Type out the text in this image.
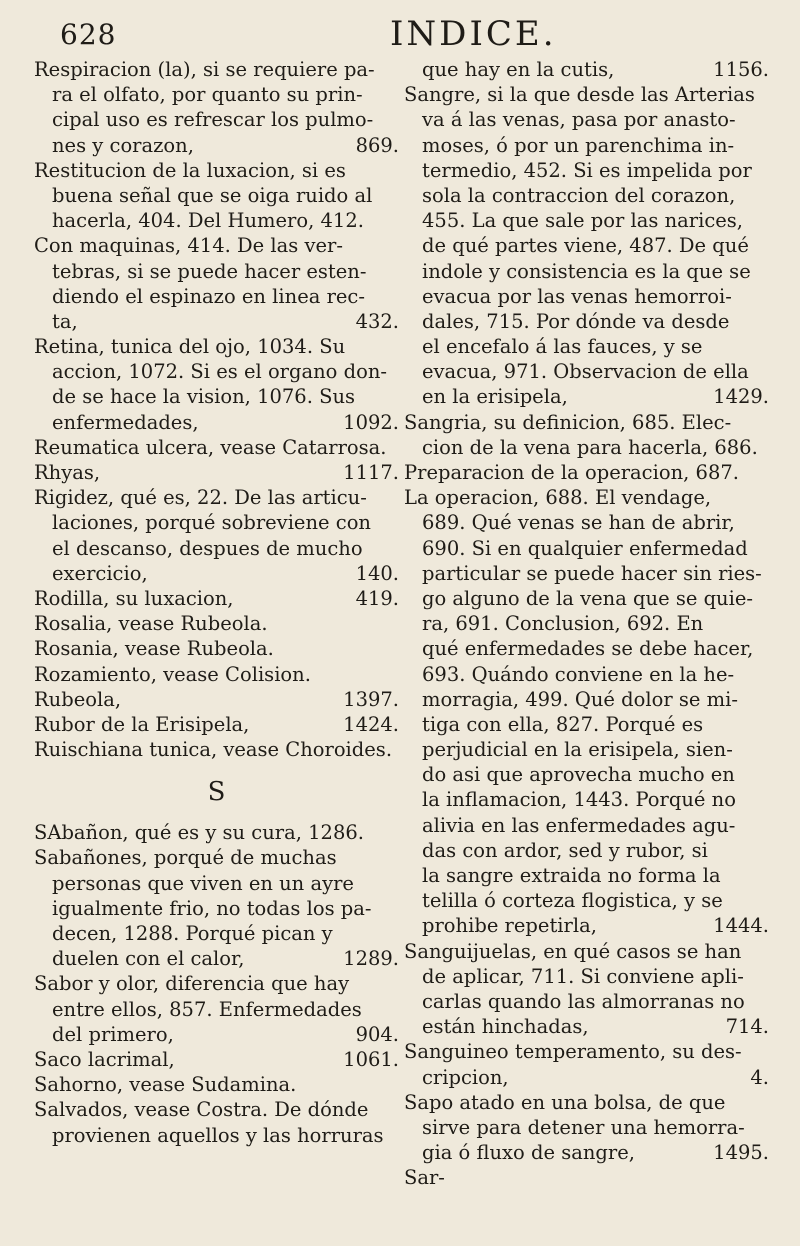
628	INDICE.
Respiracion (la), si se requiere pa-
ra el olfato, por quanto su prin-
cipal uso es refrescar los pulmo-
nes y corazon,	869.
Restitucion de la luxacion, si es
buena señal que se oiga ruido al
hacerla, 404. Del Humero, 412.
Con maquinas, 414. De las ver-
tebras, si se puede hacer esten-
diendo el espinazo en linea rec-
ta,	432.
Retina, tunica del ojo, 1034. Su
accion, 1072. Si es el organo don-
de se hace la vision, 1076. Sus
enfermedades,	1092.
Reumatica ulcera, vease Catarrosa.
Rhyas,	1117.
Rigidez, qué es, 22. De las articu-
laciones, porqué sobreviene con
el descanso, despues de mucho
exercicio,	140.
Rodilla, su luxacion,	419.
Rosalia, vease Rubeola.
Rosania, vease Rubeola.
Rozamiento, vease Colision.
Rubeola,	1397.
Rubor de la Erisipela,	1424.
Ruischiana tunica, vease Choroides.
S
SAbañon, qué es y su cura, 1286.
Sabañones, porqué de muchas
personas que viven en un ayre
igualmente frio, no todas los pa-
decen, 1288. Porqué pican y
duelen con el calor,	1289.
Sabor y olor, diferencia que hay
entre ellos, 857. Enfermedades
del primero,	904.
Saco lacrimal,	1061.
Sahorno, vease Sudamina.
Salvados, vease Costra. De dónde
provienen aquellos y las horruras
que hay en la cutis,	1156.
Sangre, si la que desde las Arterias
va á las venas, pasa por anasto-
moses, ó por un parenchima in-
termedio, 452. Si es impelida por
sola la contraccion del corazon,
455. La que sale por las narices,
de qué partes viene, 487. De qué
indole y consistencia es la que se
evacua por las venas hemorroi-
dales, 715. Por dónde va desde
el encefalo á las fauces, y se
evacua, 971. Observacion de ella
en la erisipela,	1429.
Sangria, su definicion, 685. Elec-
cion de la vena para hacerla, 686.
Preparacion de la operacion, 687.
La operacion, 688. El vendage,
689. Qué venas se han de abrir,
690. Si en qualquier enfermedad
particular se puede hacer sin ries-
go alguno de la vena que se quie-
ra, 691. Conclusion, 692. En
qué enfermedades se debe hacer,
693. Quándo conviene en la he-
morragia, 499. Qué dolor se mi-
tiga con ella, 827. Porqué es
perjudicial en la erisipela, sien-
do asi que aprovecha mucho en
la inflamacion, 1443. Porqué no
alivia en las enfermedades agu-
das con ardor, sed y rubor, si
la sangre extraida no forma la
telilla ó corteza flogistica, y se
prohibe repetirla,	1444.
Sanguijuelas, en qué casos se han
de aplicar, 711. Si conviene apli-
carlas quando las almorranas no
están hinchadas,	714.
Sanguineo temperamento, su des-
cripcion,	4.
Sapo atado en una bolsa, de que
sirve para detener una hemorra-
gia ó fluxo de sangre,	1495.
Sar-
